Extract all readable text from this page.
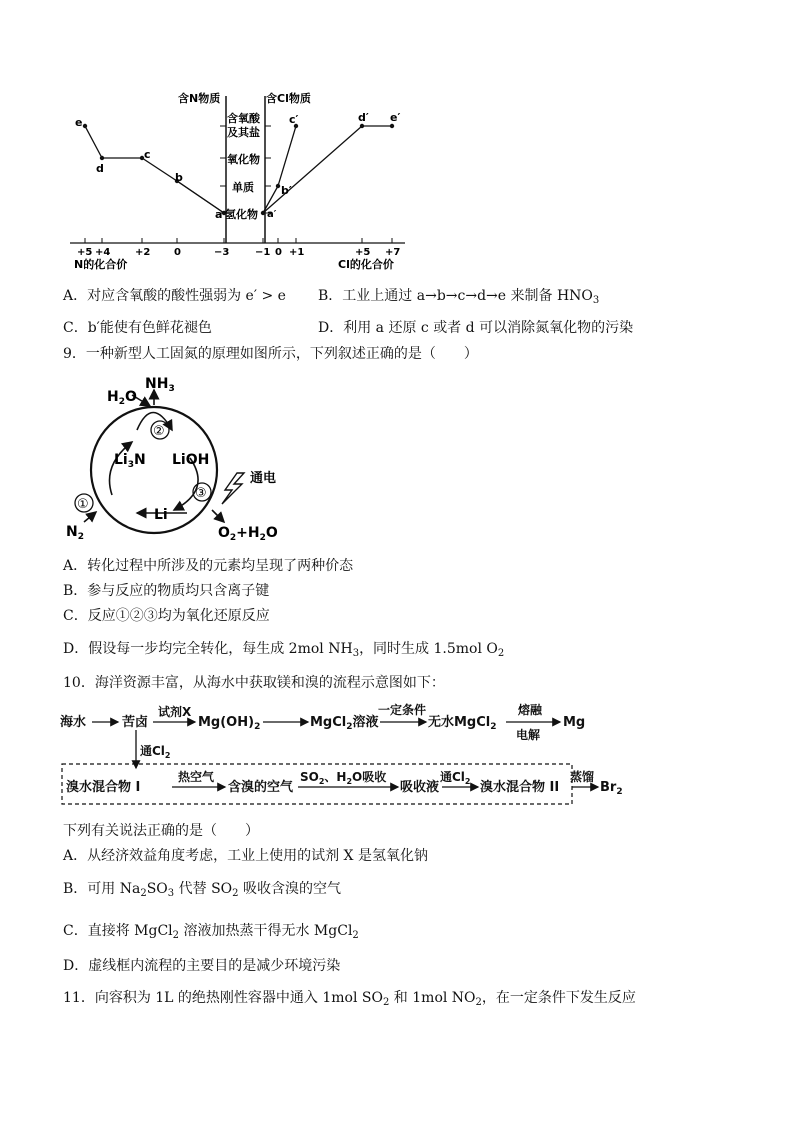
含N物质	含Cl物质
含氧酸
及其盐
氧化物
单质
氢化物
e
d
c
b
a
c′	d′ e′
b′
a′
+5 +4 +2 0	−3	−1 0 +1	+5 +7
N的化合价	Cl的化合价
A．对应含氧酸的酸性强弱为 e′ > e B．工业上通过 a→b→c→d→e 来制备 $HNO_3$
C．b′能使有色鲜花褪色	D．利用 a 还原 c 或者 d 可以消除氮氧化物的污染
9．一种新型人工固氮的原理如图所示，下列叙述正确的是（　　）
$NH_3$
$H_2O$
$Li_3N$ LiOH
Li
$N_2$	$O_2+H_2O$
通电
①
②
③
A．转化过程中所涉及的元素均呈现了两种价态
B．参与反应的物质均只含离子键
C．反应①②③均为氧化还原反应
D．假设每一步均完全转化，每生成 2mol $NH_3$，同时生成 1.5mol $O_2$
10．海洋资源丰富，从海水中获取镁和溴的流程示意图如下：
海水	苦卤
试剂X
$Mg(OH)_2$	MgCl$_2$溶液
一定条件
无水MgCl$_2$
熔融
电解
Mg
通$Cl_2$
溴水混合物 I
热空气
含溴的空气
$SO_2$、$H_2O$吸收
吸收液
通$Cl_2$ 溴水混合物 II
蒸馏
$Br_2$
下列有关说法正确的是（　　）
A．从经济效益角度考虑，工业上使用的试剂 X 是氢氧化钠
B．可用 $Na_2SO_3$ 代替 $SO_2$ 吸收含溴的空气
C．直接将 MgCl$_2$ 溶液加热蒸干得无水 MgCl$_2$
D．虚线框内流程的主要目的是减少环境污染
11．向容积为 1L 的绝热刚性容器中通入 1mol $SO_2$ 和 1mol $NO_2$，在一定条件下发生反应
